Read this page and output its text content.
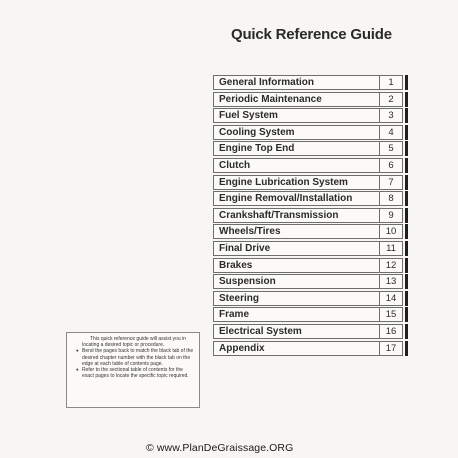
Quick Reference Guide
General Information	1
Periodic Maintenance	2
Fuel System	3
Cooling System	4
Engine Top End	5
Clutch	6
Engine Lubrication System	7
Engine Removal/Installation	8
Crankshaft/Transmission	9
Wheels/Tires	10
Final Drive	11
Brakes	12
Suspension	13
Steering	14
Frame	15
Electrical System	16
Appendix	17

This quick reference guide will assist you in locating a desired topic or procedure.

● Bend the pages back to match the black tab of the desired chapter number with the black tab on the edge at each table of contents page.
● Refer to the sectional table of contents for the exact pages to locate the specific topic required.
© www.PlanDeGraissage.ORG
